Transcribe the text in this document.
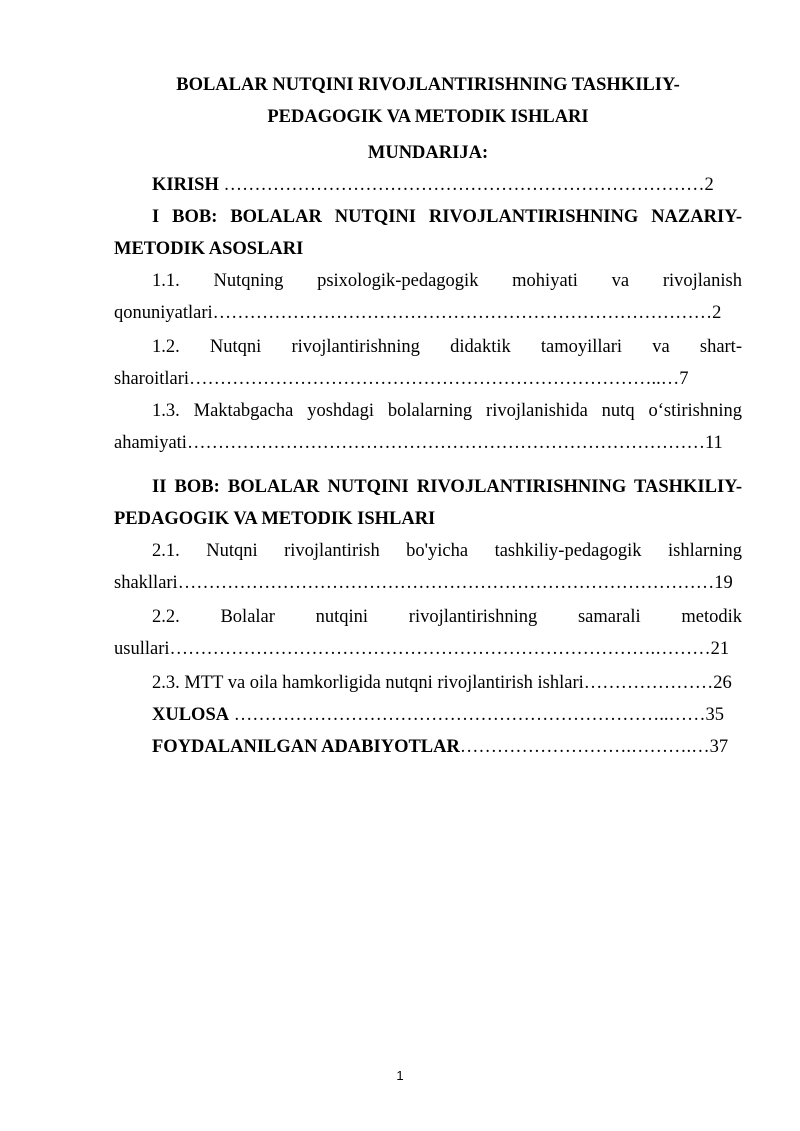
BOLALAR NUTQINI RIVOJLANTIRISHNING TASHKILIY-
PEDAGOGIK VA METODIK ISHLARI
MUNDARIJA:
KIRISH ……………………………………………………………………2
I BOB: BOLALAR NUTQINI RIVOJLANTIRISHNING NAZARIY-
METODIK ASOSLARI
1.1. Nutqning psixologik-pedagogik mohiyati va rivojlanish
qonuniyatlari………………………………………………………………………2
1.2. Nutqni rivojlantirishning didaktik tamoyillari va shart-
sharoitlari…………………………………………………………………..…7
1.3. Maktabgacha yoshdagi bolalarning rivojlanishida nutq o‘stirishning
ahamiyati…………………………………………………………………………11
II BOB: BOLALAR NUTQINI RIVOJLANTIRISHNING TASHKILIY-
PEDAGOGIK VA METODIK ISHLARI
2.1. Nutqni rivojlantirish bo'yicha tashkiliy-pedagogik ishlarning
shakllari……………………………………………………………………………19
2.2. Bolalar nutqini rivojlantirishning samarali metodik
usullari…………………………………………………………………….………21
2.3. MTT va oila hamkorligida nutqni rivojlantirish ishlari…………………26
XULOSA ……………………………………………………………..……35
FOYDALANILGAN ADABIYOTLAR……………………….……….…37
1
